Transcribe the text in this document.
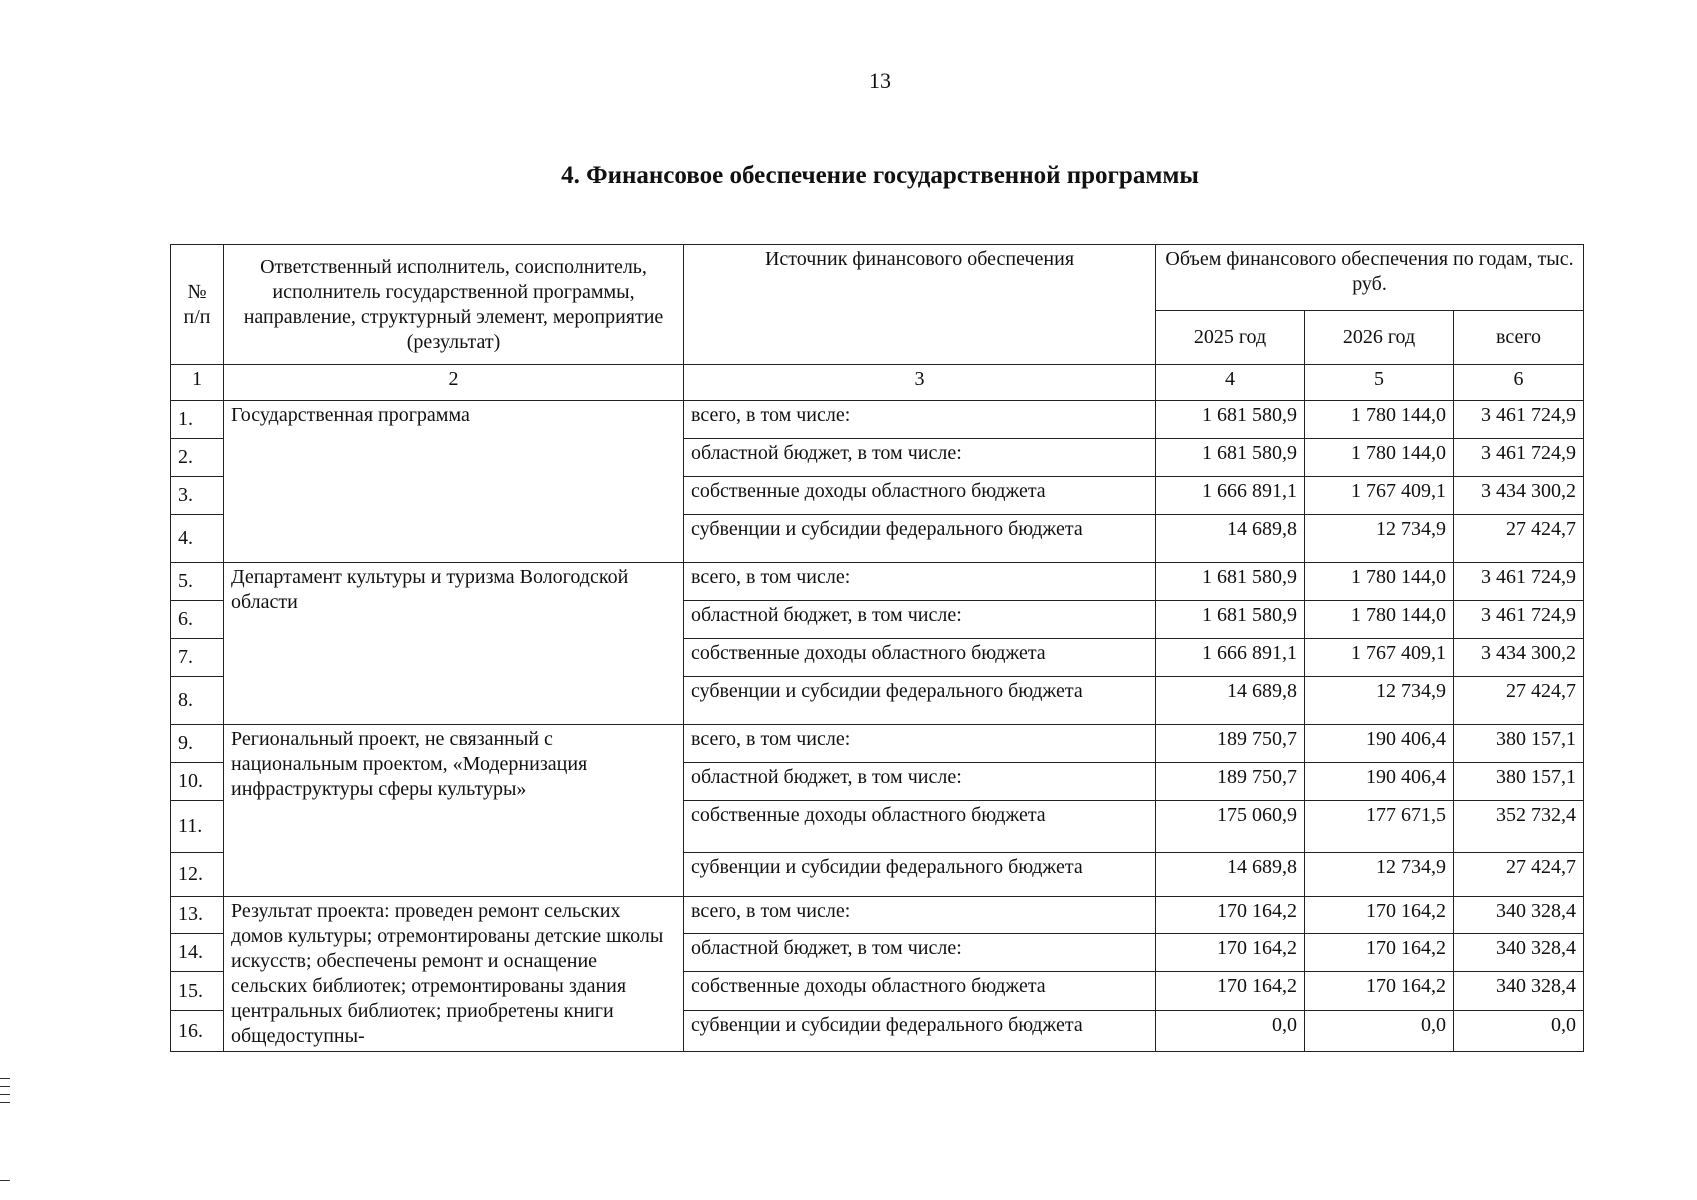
13
4. Финансовое обеспечение государственной программы
№ п/п	Ответственный исполнитель, соисполнитель, исполнитель государственной программы, направление, структурный элемент, мероприятие (результат)	Источник финансового обеспечения	Объем финансового обеспечения по годам, тыс. руб.		
			2025 год	2026 год	всего
1	2	3	4	5	6
1.	Государственная программа	всего, в том числе:	1 681 580,9	1 780 144,0	3 461 724,9
2.		областной бюджет, в том числе:	1 681 580,9	1 780 144,0	3 461 724,9
3.		собственные доходы областного бюджета	1 666 891,1	1 767 409,1	3 434 300,2
4.		субвенции и субсидии федерального бюджета	14 689,8	12 734,9	27 424,7
5.	Департамент культуры и туризма Вологодской области	всего, в том числе:	1 681 580,9	1 780 144,0	3 461 724,9
6.		областной бюджет, в том числе:	1 681 580,9	1 780 144,0	3 461 724,9
7.		собственные доходы областного бюджета	1 666 891,1	1 767 409,1	3 434 300,2
8.		субвенции и субсидии федерального бюджета	14 689,8	12 734,9	27 424,7
9.	Региональный проект, не связанный с национальным проектом, «Модернизация инфраструктуры сферы культуры»	всего, в том числе:	189 750,7	190 406,4	380 157,1
10.		областной бюджет, в том числе:	189 750,7	190 406,4	380 157,1
11.		собственные доходы областного бюджета	175 060,9	177 671,5	352 732,4
12.		субвенции и субсидии федерального бюджета	14 689,8	12 734,9	27 424,7
13.	Результат проекта: проведен ремонт сельских домов культуры; отремонтированы детские школы искусств; обеспечены ремонт и оснащение сельских библиотек; отремонтированы здания центральных библиотек; приобретены книги общедоступны-	всего, в том числе:	170 164,2	170 164,2	340 328,4
14.		областной бюджет, в том числе:	170 164,2	170 164,2	340 328,4
15.		собственные доходы областного бюджета	170 164,2	170 164,2	340 328,4
16.		субвенции и субсидии федерального бюджета	0,0	0,0	0,0
